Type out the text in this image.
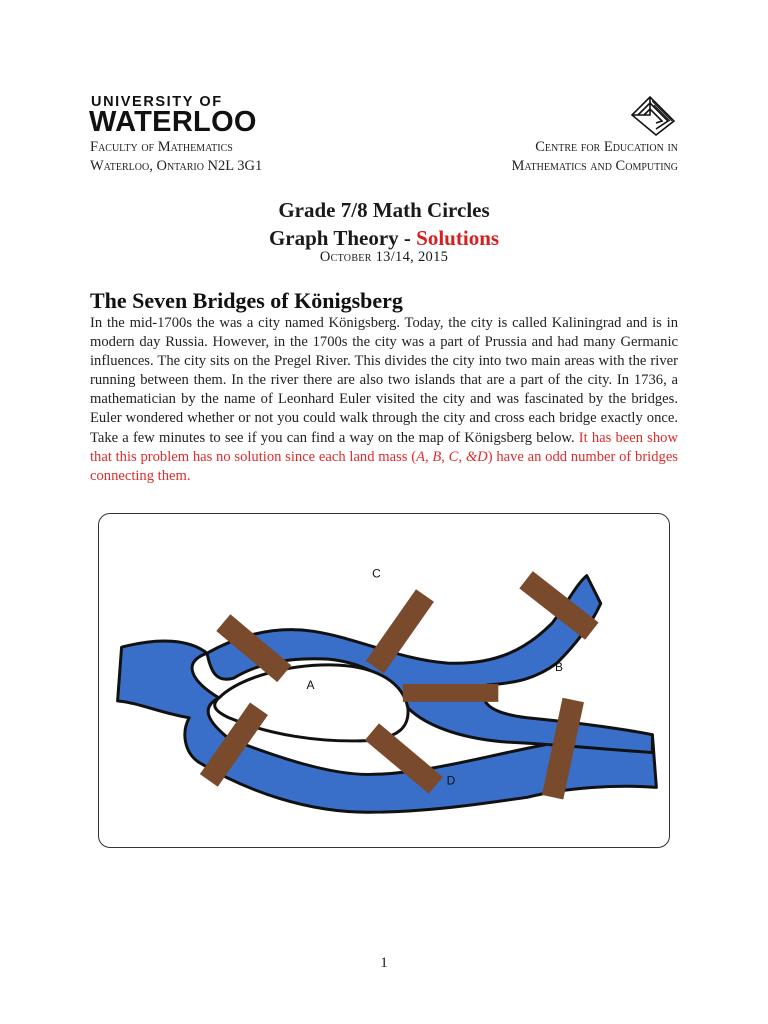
UNIVERSITY OF
WATERLOO
Faculty of Mathematics
Waterloo, Ontario N2L 3G1
Centre for Education in
Mathematics and Computing
Grade 7/8 Math Circles
Graph Theory - Solutions
October 13/14, 2015
The Seven Bridges of Königsberg
In the mid-1700s the was a city named Königsberg. Today, the city is called Kaliningrad and is in modern day Russia. However, in the 1700s the city was a part of Prussia and had many Germanic influences. The city sits on the Pregel River. This divides the city into two main areas with the river running between them. In the river there are also two islands that are a part of the city. In 1736, a mathematician by the name of Leonhard Euler visited the city and was fascinated by the bridges. Euler wondered whether or not you could walk through the city and cross each bridge exactly once. Take a few minutes to see if you can find a way on the map of Königsberg below. It has been show that this problem has no solution since each land mass (A, B, C, &D) have an odd number of bridges connecting them.
C
A
B
D
1
